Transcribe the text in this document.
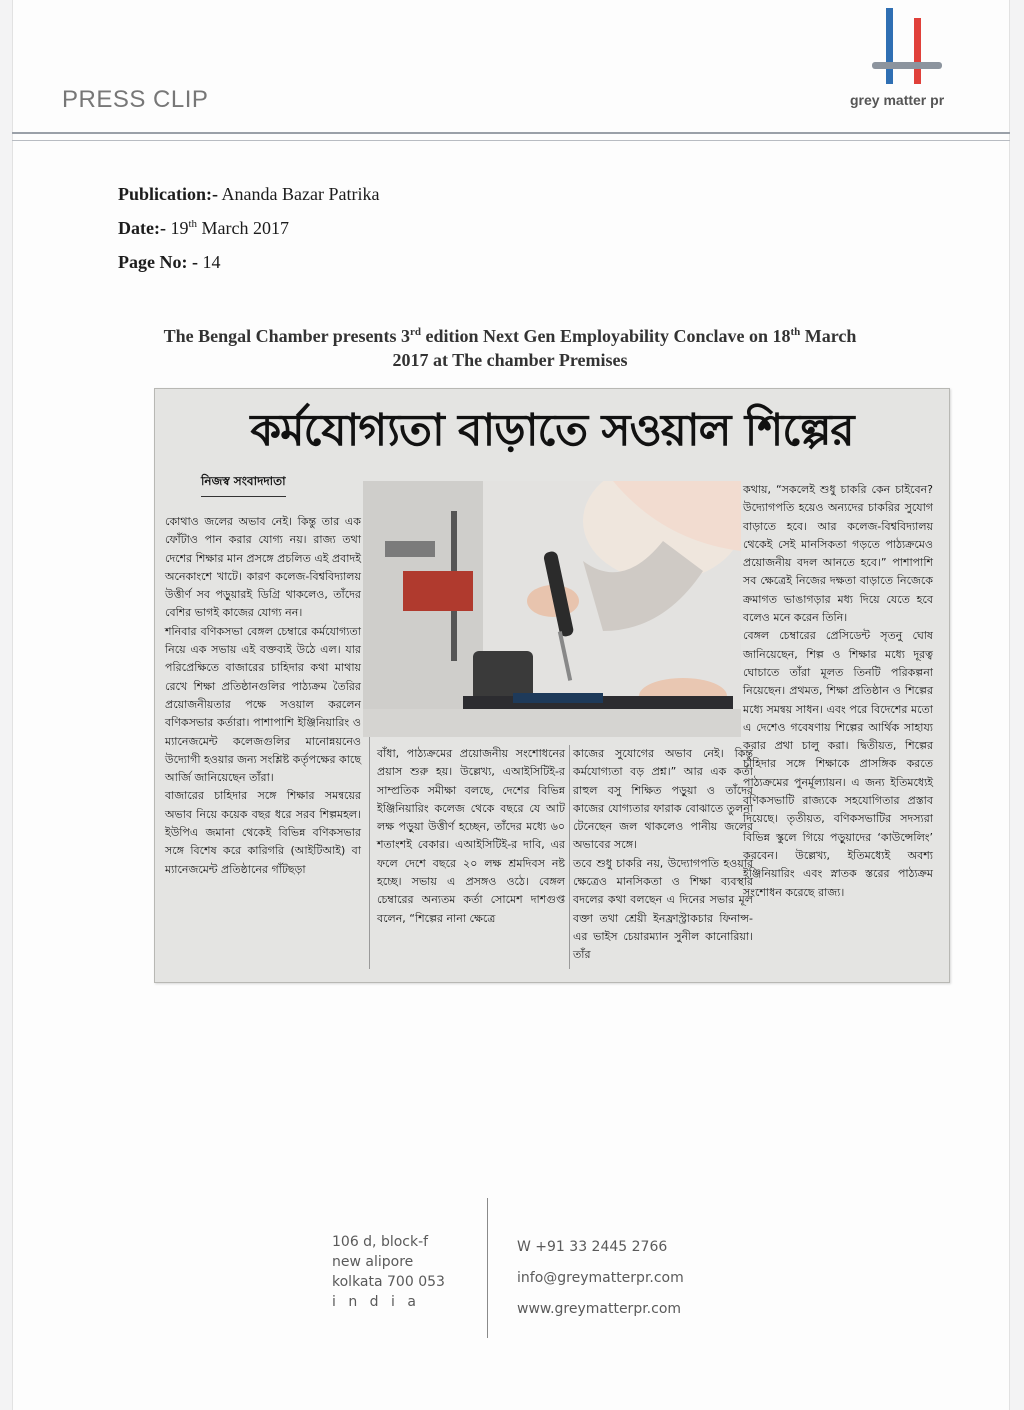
PRESS CLIP	grey matter pr
Publication:- Ananda Bazar Patrika
Date:- 19th March 2017
Page No: - 14
The Bengal Chamber presents 3rd edition Next Gen Employability Conclave on 18th March
2017 at The chamber Premises
কর্মযোগ্যতা বাড়াতে সওয়াল শিল্পের
নিজস্ব সংবাদদাতা

কোথাও জলের অভাব নেই। কিন্তু তার এক ফোঁটাও পান করার যোগ্য নয়। রাজ্য তথা দেশের শিক্ষার মান প্রসঙ্গে প্রচলিত এই প্রবাদই অনেকাংশে খাটে। কারণ কলেজ-বিশ্ববিদ্যালয় উত্তীর্ণ সব পড়ুয়ারই ডিগ্রি থাকলেও, তাঁদের বেশির ভাগই কাজের যোগ্য নন।

শনিবার বণিকসভা বেঙ্গল চেম্বারে কর্মযোগ্যতা নিয়ে এক সভায় এই বক্তব্যই উঠে এল। যার পরিপ্রেক্ষিতে বাজারের চাহিদার কথা মাথায় রেখে শিক্ষা প্রতিষ্ঠানগুলির পাঠ্যক্রম তৈরির প্রয়োজনীয়তার পক্ষে সওয়াল করলেন বণিকসভার কর্তারা। পাশাপাশি ইঞ্জিনিয়ারিং ও ম্যানেজমেন্ট কলেজগুলির মানোন্নয়নেও উদ্যোগী হওয়ার জন্য সংশ্লিষ্ট কর্তৃপক্ষের কাছে আর্জি জানিয়েছেন তাঁরা।

বাজারের চাহিদার সঙ্গে শিক্ষার সমন্বয়ের অভাব নিয়ে কয়েক বছর ধরে সরব শিল্পমহল। ইউপিএ জমানা থেকেই বিভিন্ন বণিকসভার সঙ্গে বিশেষ করে কারিগরি (আইটিআই) বা ম্যানেজমেন্ট প্রতিষ্ঠানের গাঁটছড়া

বাঁধা, পাঠ্যক্রমের প্রয়োজনীয় সংশোধনের প্রয়াস শুরু হয়। উল্লেখ্য, এআইসিটিই-র সাম্প্রতিক সমীক্ষা বলছে, দেশের বিভিন্ন ইঞ্জিনিয়ারিং কলেজ থেকে বছরে যে আট লক্ষ পড়ুয়া উত্তীর্ণ হচ্ছেন, তাঁদের মধ্যে ৬০ শতাংশই বেকার। এআইসিটিই-র দাবি, এর ফলে দেশে বছরে ২০ লক্ষ শ্রমদিবস নষ্ট হচ্ছে। সভায় এ প্রসঙ্গও ওঠে। বেঙ্গল চেম্বারের অন্যতম কর্তা সোমেশ দাশগুপ্ত বলেন, “শিল্পের নানা ক্ষেত্রে

কাজের সুযোগের অভাব নেই। কিন্তু কর্মযোগ্যতা বড় প্রশ্ন।” আর এক কর্তা রাহুল বসু শিক্ষিত পড়ুয়া ও তাঁদের কাজের যোগ্যতার ফারাক বোঝাতে তুলনা টেনেছেন জল থাকলেও পানীয় জলের অভাবের সঙ্গে।

তবে শুধু চাকরি নয়, উদ্যোগপতি হওয়ার ক্ষেত্রেও মানসিকতা ও শিক্ষা ব্যবস্থার বদলের কথা বলছেন এ দিনের সভার মূল বক্তা তথা শ্রেয়ী ইনফ্রাস্ট্রাকচার ফিনান্স-এর ভাইস চেয়ারম্যান সুনীল কানোরিয়া। তাঁর

কথায়, “সকলেই শুধু চাকরি কেন চাইবেন? উদ্যোগপতি হয়েও অন্যদের চাকরির সুযোগ বাড়াতে হবে। আর কলেজ-বিশ্ববিদ্যালয় থেকেই সেই মানসিকতা গড়তে পাঠ্যক্রমেও প্রয়োজনীয় বদল আনতে হবে।” পাশাপাশি সব ক্ষেত্রেই নিজের দক্ষতা বাড়াতে নিজেকে ক্রমাগত ভাঙাগড়ার মধ্য দিয়ে যেতে হবে বলেও মনে করেন তিনি।

বেঙ্গল চেম্বারের প্রেসিডেন্ট সৃতনু ঘোষ জানিয়েছেন, শিল্প ও শিক্ষার মধ্যে দূরত্ব ঘোচাতে তাঁরা মূলত তিনটি পরিকল্পনা নিয়েছেন। প্রথমত, শিক্ষা প্রতিষ্ঠান ও শিল্পের মধ্যে সমন্বয় সাধন। এবং পরে বিদেশের মতো এ দেশেও গবেষণায় শিল্পের আর্থিক সাহায্য করার প্রথা চালু করা। দ্বিতীয়ত, শিল্পের চাহিদার সঙ্গে শিক্ষাকে প্রাসঙ্গিক করতে পাঠ্যক্রমের পুনর্মূল্যায়ন। এ জন্য ইতিমধ্যেই বণিকসভাটি রাজ্যকে সহযোগিতার প্রস্তাব দিয়েছে। তৃতীয়ত, বণিকসভাটির সদস্যরা বিভিন্ন স্কুলে গিয়ে পড়ুয়াদের ‘কাউন্সেলিং’ করবেন। উল্লেখ্য, ইতিমধ্যেই অবশ্য ইঞ্জিনিয়ারিং এবং স্নাতক স্তরের পাঠ্যক্রম সংশোধন করেছে রাজ্য।

106 d, block-f
new alipore
kolkata 700 053
i n d i a
W +91 33 2445 2766
info@greymatterpr.com
www.greymatterpr.com
